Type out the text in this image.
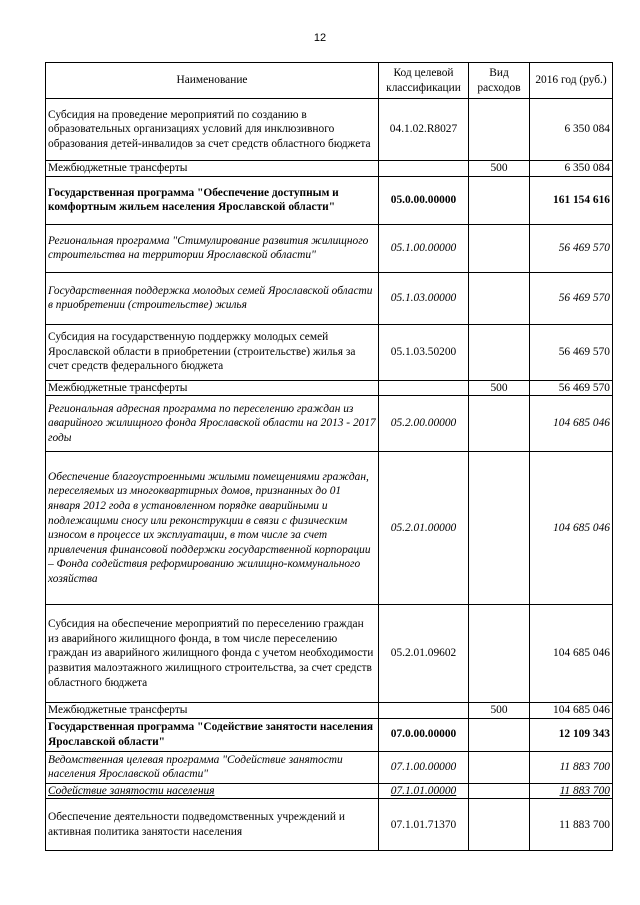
12
Наименование	Код целевой классификации	Вид расходов	2016 год (руб.)
Субсидия на проведение мероприятий по созданию в образовательных организациях условий для инклюзивного образования детей-инвалидов за счет средств областного бюджета	04.1.02.R8027		6 350 084
Межбюджетные трансферты		500	6 350 084
Государственная программа "Обеспечение доступным и комфортным жильем населения Ярославской области"	05.0.00.00000		161 154 616
Региональная программа "Стимулирование развития жилищного строительства на территории Ярославской области"	05.1.00.00000		56 469 570
Государственная поддержка молодых семей Ярославской области в приобретении (строительстве) жилья	05.1.03.00000		56 469 570
Субсидия на государственную поддержку молодых семей Ярославской области в приобретении (строительстве) жилья за счет средств федерального бюджета	05.1.03.50200		56 469 570
Межбюджетные трансферты		500	56 469 570
Региональная адресная программа по переселению граждан из аварийного жилищного фонда Ярославской области на 2013 - 2017 годы	05.2.00.00000		104 685 046
Обеспечение благоустроенными жилыми помещениями граждан, переселяемых из многоквартирных домов, признанных до 01 января 2012 года в установленном порядке аварийными и подлежащими сносу или реконструкции в связи с физическим износом в процессе их эксплуатации, в том числе за счет привлечения финансовой поддержки государственной корпорации – Фонда содействия реформированию жилищно-коммунального хозяйства	05.2.01.00000		104 685 046
Субсидия на обеспечение мероприятий по переселению граждан из аварийного жилищного фонда, в том числе переселению граждан из аварийного жилищного фонда с учетом необходимости развития малоэтажного жилищного строительства, за счет средств областного бюджета	05.2.01.09602		104 685 046
Межбюджетные трансферты		500	104 685 046
Государственная программа "Содействие занятости населения Ярославской области"	07.0.00.00000		12 109 343
Ведомственная целевая программа "Содействие занятости населения Ярославской области"	07.1.00.00000		11 883 700
Содействие занятости населения	07.1.01.00000		11 883 700
Обеспечение деятельности подведомственных учреждений и активная политика занятости населения	07.1.01.71370		11 883 700
